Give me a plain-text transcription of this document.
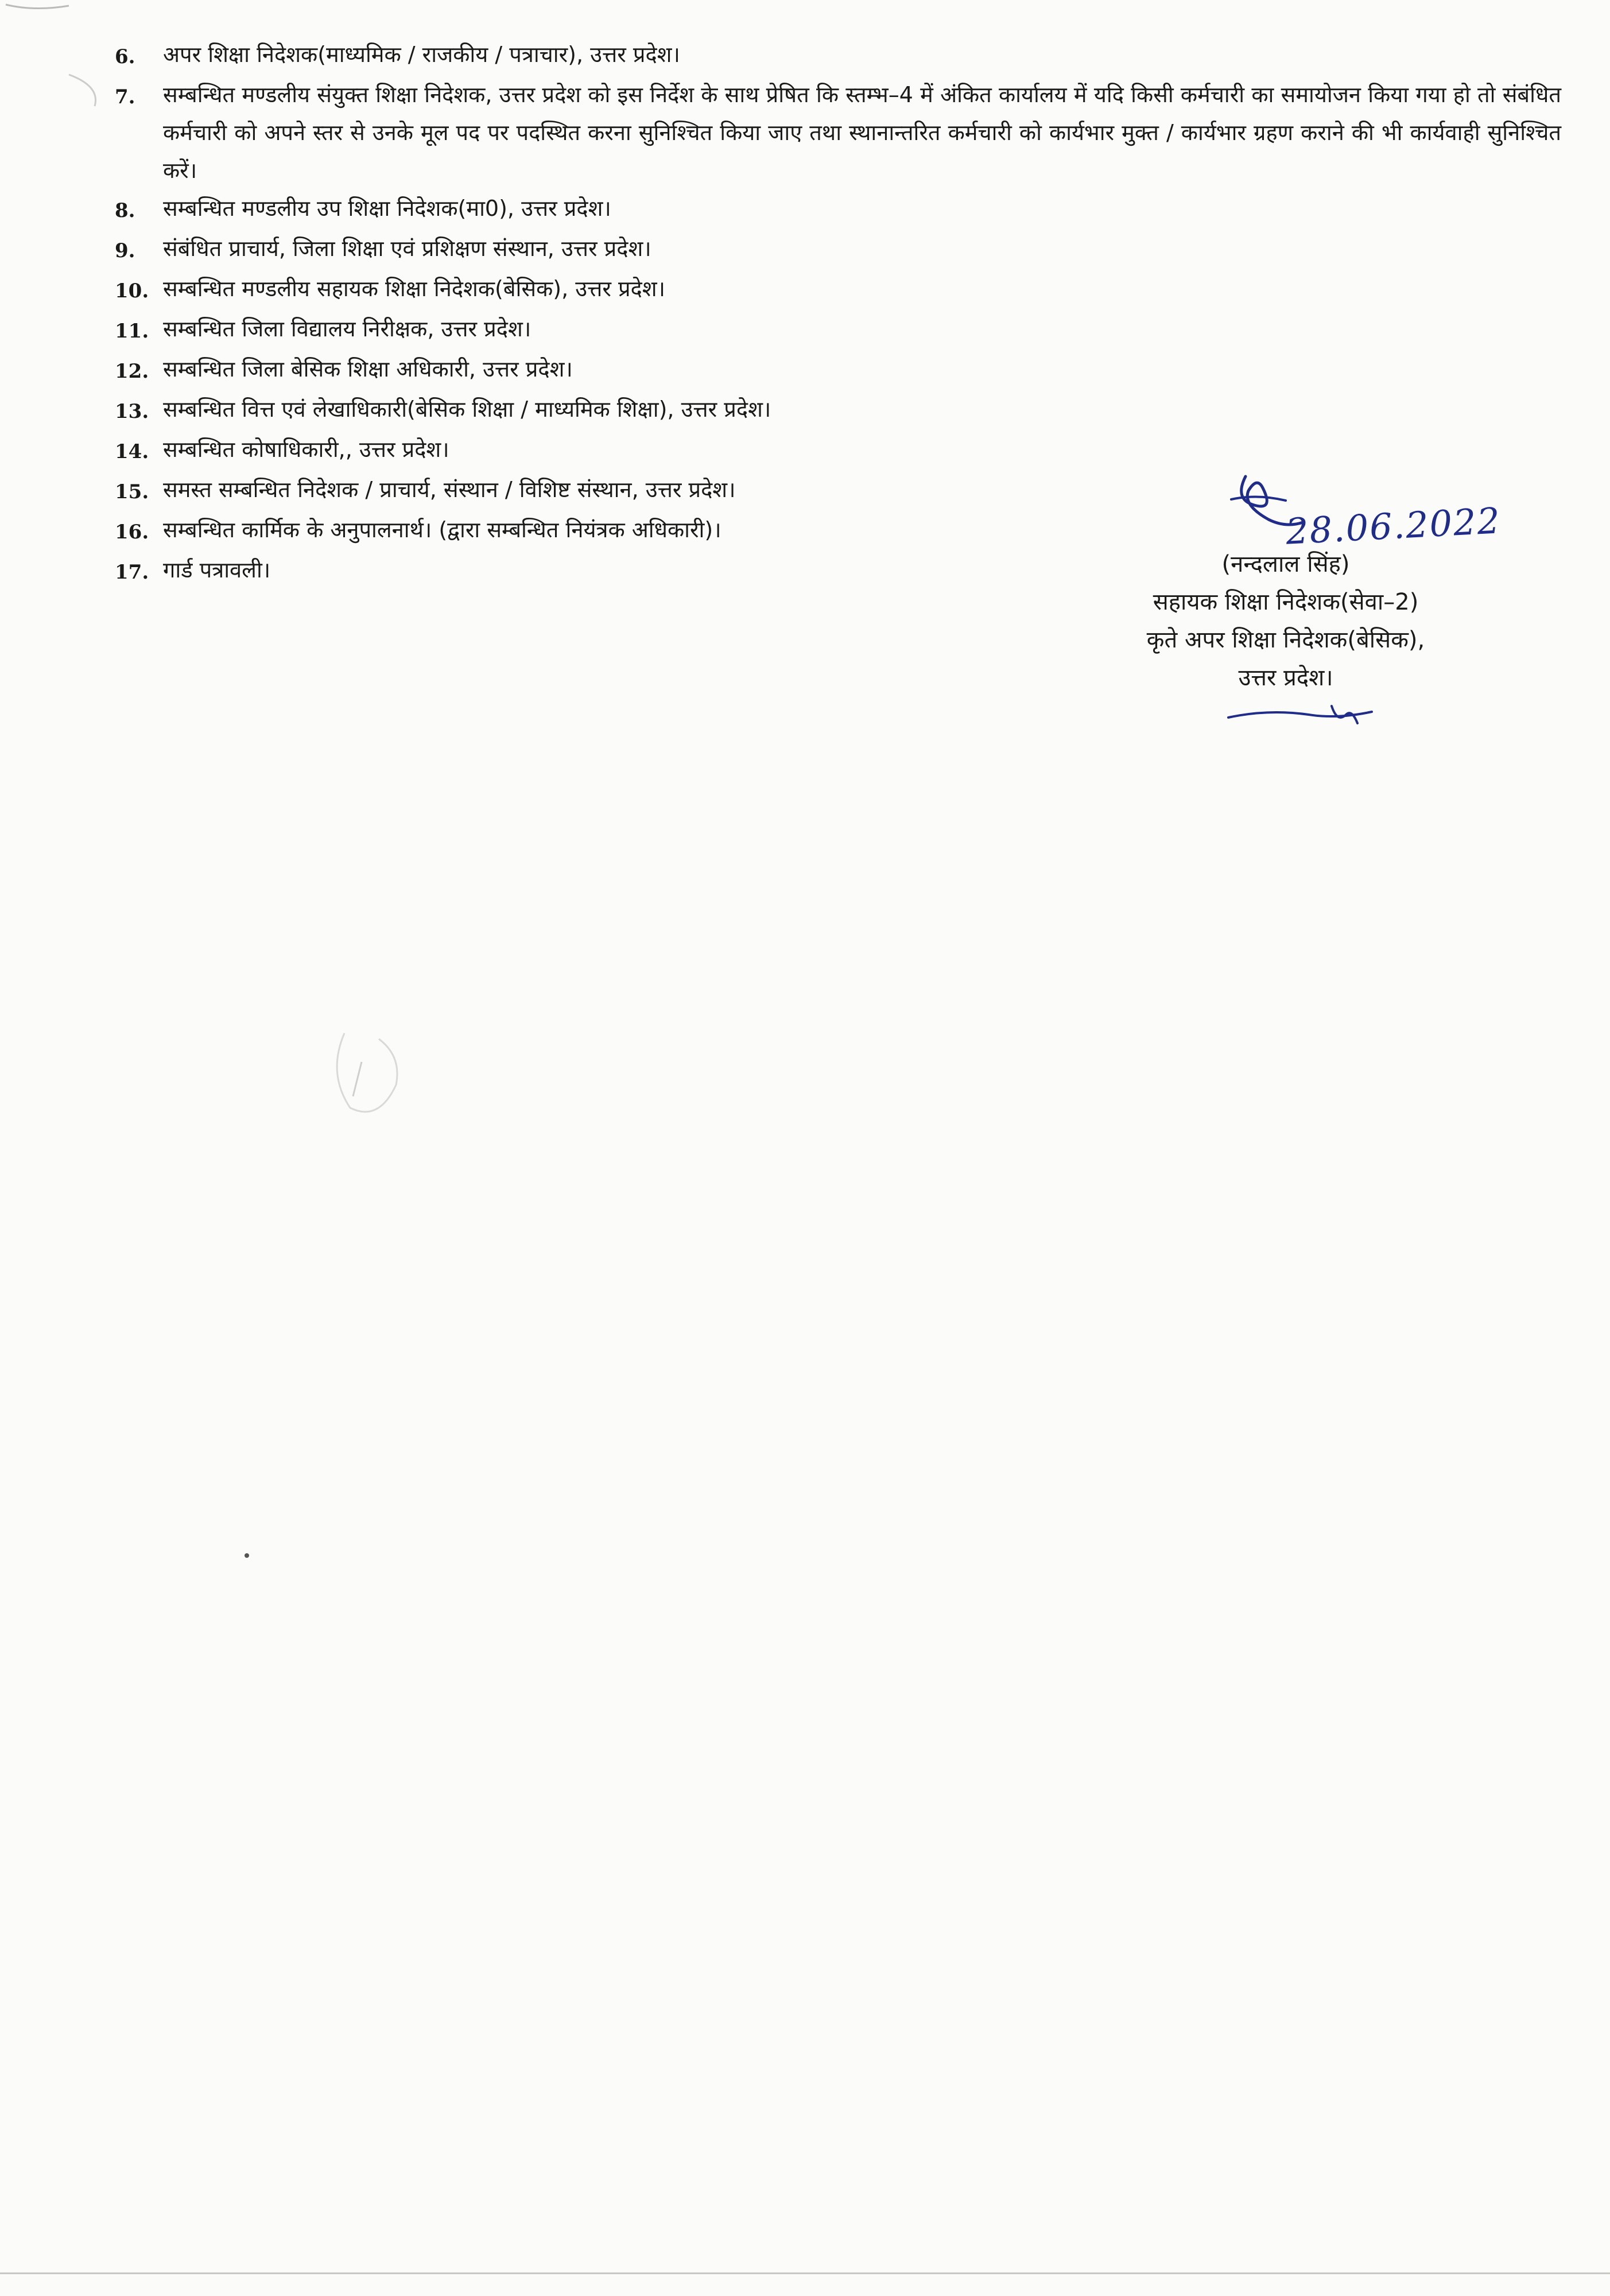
6.	अपर शिक्षा निदेशक(माध्यमिक / राजकीय / पत्राचार), उत्तर प्रदेश।
7.	सम्बन्धित मण्डलीय संयुक्त शिक्षा निदेशक, उत्तर प्रदेश को इस निर्देश के साथ प्रेषित कि स्तम्भ–4 में अंकित कार्यालय में यदि किसी कर्मचारी का समायोजन किया गया हो तो संबंधित कर्मचारी को अपने स्तर से उनके मूल पद पर पदस्थित करना सुनिश्चित किया जाए तथा स्थानान्तरित कर्मचारी को कार्यभार मुक्त / कार्यभार ग्रहण कराने की भी कार्यवाही सुनिश्चित करें।
8.	सम्बन्धित मण्डलीय उप शिक्षा निदेशक(मा0), उत्तर प्रदेश।
9.	संबंधित प्राचार्य, जिला शिक्षा एवं प्रशिक्षण संस्थान, उत्तर प्रदेश।
10. सम्बन्धित मण्डलीय सहायक शिक्षा निदेशक(बेसिक), उत्तर प्रदेश।
11. सम्बन्धित जिला विद्यालय निरीक्षक, उत्तर प्रदेश।
12. सम्बन्धित जिला बेसिक शिक्षा अधिकारी, उत्तर प्रदेश।
13. सम्बन्धित वित्त एवं लेखाधिकारी(बेसिक शिक्षा / माध्यमिक शिक्षा), उत्तर प्रदेश।
14. सम्बन्धित कोषाधिकारी,, उत्तर प्रदेश।
15. समस्त सम्बन्धित निदेशक / प्राचार्य, संस्थान / विशिष्ट संस्थान, उत्तर प्रदेश।
16. सम्बन्धित कार्मिक के अनुपालनार्थ। (द्वारा सम्बन्धित नियंत्रक अधिकारी)।
17. गार्ड पत्रावली।
28.06.2022
(नन्दलाल सिंह)
सहायक शिक्षा निदेशक(सेवा–2)
कृते अपर शिक्षा निदेशक(बेसिक),
उत्तर प्रदेश।
